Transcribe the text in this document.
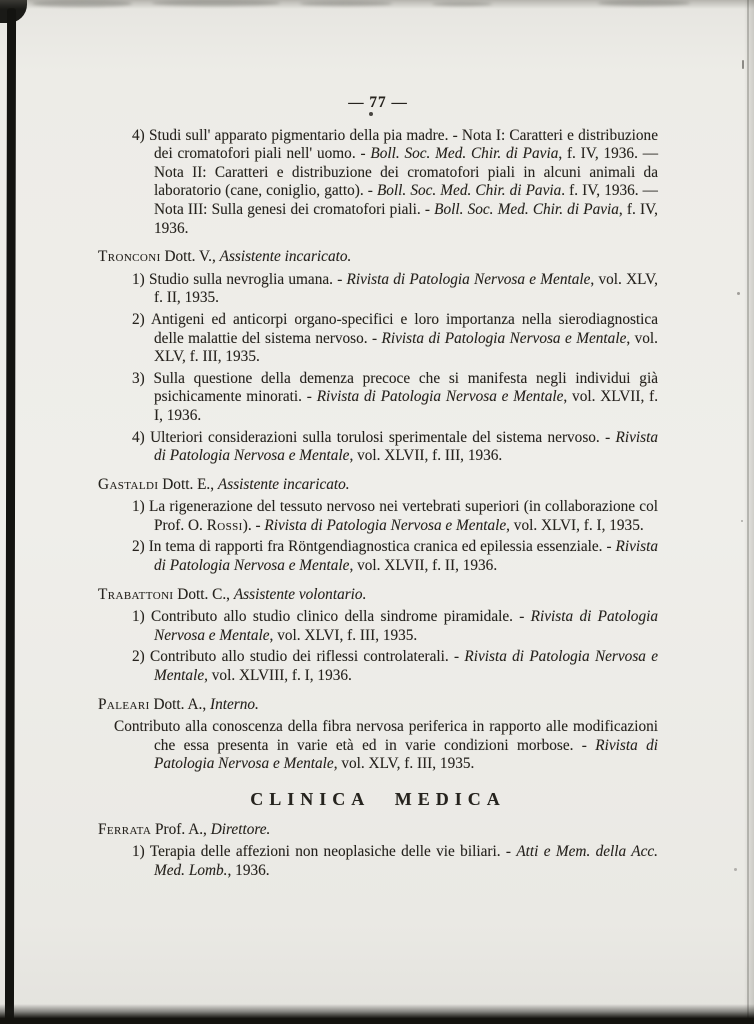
— 77 —
4) Studi sull' apparato pigmentario della pia madre. - Nota I: Caratteri e distribuzione dei cromatofori piali nell' uomo. - Boll. Soc. Med. Chir. di Pavia, f. IV, 1936. — Nota II: Caratteri e distribuzione dei cromatofori piali in alcuni animali da laboratorio (cane, coniglio, gatto). - Boll. Soc. Med. Chir. di Pavia. f. IV, 1936. — Nota III: Sulla genesi dei cromatofori piali. - Boll. Soc. Med. Chir. di Pavia, f. IV, 1936.
Tronconi Dott. V., Assistente incaricato.
1) Studio sulla nevroglia umana. - Rivista di Patologia Nervosa e Mentale, vol. XLV, f. II, 1935.
2) Antigeni ed anticorpi organo-specifici e loro importanza nella sierodiagnostica delle malattie del sistema nervoso. - Rivista di Patologia Nervosa e Mentale, vol. XLV, f. III, 1935.
3) Sulla questione della demenza precoce che si manifesta negli individui già psichicamente minorati. - Rivista di Patologia Nervosa e Mentale, vol. XLVII, f. I, 1936.
4) Ulteriori considerazioni sulla torulosi sperimentale del sistema nervoso. - Rivista di Patologia Nervosa e Mentale, vol. XLVII, f. III, 1936.
Gastaldi Dott. E., Assistente incaricato.
1) La rigenerazione del tessuto nervoso nei vertebrati superiori (in collaborazione col Prof. O. Rossi). - Rivista di Patologia Nervosa e Mentale, vol. XLVI, f. I, 1935.
2) In tema di rapporti fra Röntgendiagnostica cranica ed epilessia essenziale. - Rivista di Patologia Nervosa e Mentale, vol. XLVII, f. II, 1936.
Trabattoni Dott. C., Assistente volontario.
1) Contributo allo studio clinico della sindrome piramidale. - Rivista di Patologia Nervosa e Mentale, vol. XLVI, f. III, 1935.
2) Contributo allo studio dei riflessi controlaterali. - Rivista di Patologia Nervosa e Mentale, vol. XLVIII, f. I, 1936.
Paleari Dott. A., Interno.
Contributo alla conoscenza della fibra nervosa periferica in rapporto alle modificazioni che essa presenta in varie età ed in varie condizioni morbose. - Rivista di Patologia Nervosa e Mentale, vol. XLV, f. III, 1935.
CLINICA MEDICA
Ferrata Prof. A., Direttore.
1) Terapia delle affezioni non neoplasiche delle vie biliari. - Atti e Mem. della Acc. Med. Lomb., 1936.
